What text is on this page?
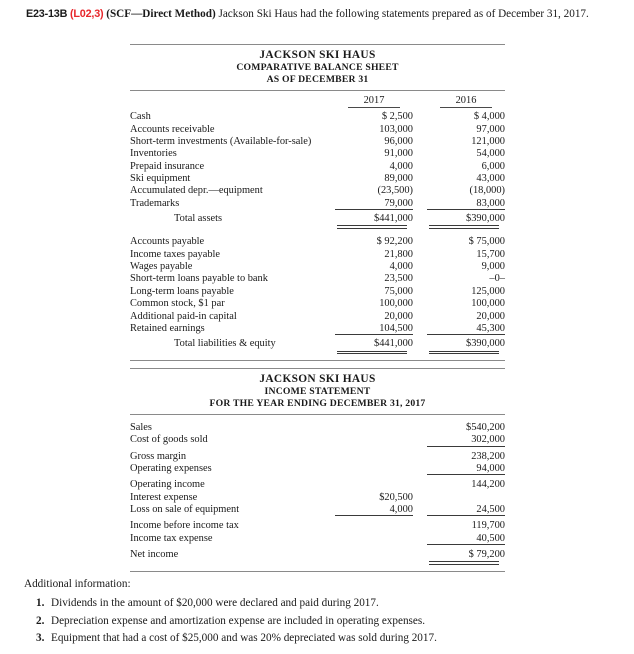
E23-13B (L02,3) (SCF—Direct Method) Jackson Ski Haus had the following statements prepared as of December 31, 2017.
JACKSON SKI HAUS
COMPARATIVE BALANCE SHEET
AS OF DECEMBER 31
		2017		2016

Cash		$ 2,500		$ 4,000
Accounts receivable		103,000		97,000
Short-term investments (Available-for-sale)		96,000		121,000
Inventories		91,000		54,000
Prepaid insurance		4,000		6,000
Ski equipment		89,000		43,000
Accumulated depr.—equipment		(23,500)		(18,000)
Trademarks		79,000		83,000
Total assets		$441,000		$390,000

Accounts payable		$ 92,200		$ 75,000
Income taxes payable		21,800		15,700
Wages payable		4,000		9,000
Short-term loans payable to bank		23,500		–0–
Long-term loans payable		75,000		125,000
Common stock, $1 par		100,000		100,000
Additional paid-in capital		20,000		20,000
Retained earnings		104,500		45,300
Total liabilities & equity		$441,000		$390,000

JACKSON SKI HAUS
INCOME STATEMENT
FOR THE YEAR ENDING DECEMBER 31, 2017
Sales			$540,200
Cost of goods sold			302,000
Gross margin			238,200
Operating expenses			94,000
Operating income			144,200
Interest expense	$20,500		
Loss on sale of equipment	4,000		24,500
Income before income tax			119,700
Income tax expense			40,500
Net income			$ 79,200

Additional information:
1. Dividends in the amount of $20,000 were declared and paid during 2017.
2. Depreciation expense and amortization expense are included in operating expenses.
3. Equipment that had a cost of $25,000 and was 20% depreciated was sold during 2017.
